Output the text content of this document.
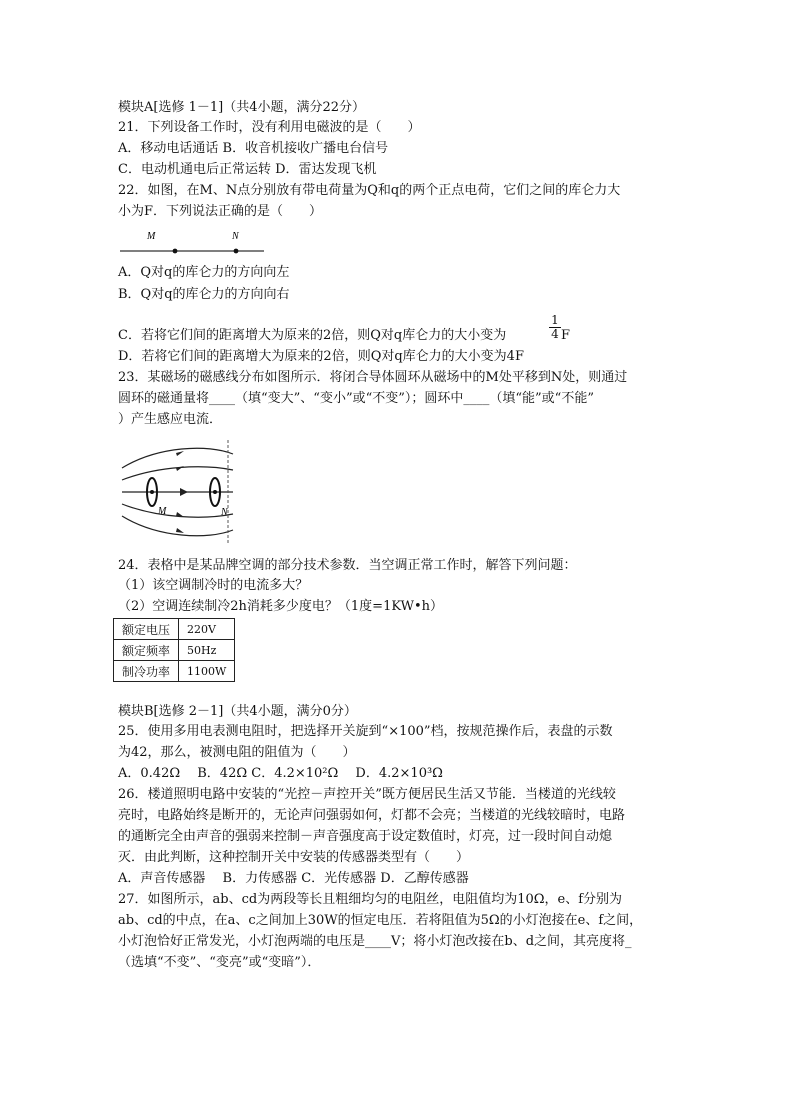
模块A[选修 1－1]（共4小题，满分22分）
21．下列设备工作时，没有利用电磁波的是（　　）
A．移动电话通话 B．收音机接收广播电台信号
C．电动机通电后正常运转 D．雷达发现飞机
22．如图，在M、N点分别放有带电荷量为Q和q的两个正点电荷，它们之间的库仑力大
小为F．下列说法正确的是（　　）
M	N
A．Q对q的库仑力的方向向左
B．Q对q的库仑力的方向向右
C．若将它们间的距离增大为原来的2倍，则Q对q库仑力的大小变为	$\frac{1}{4}$ F
D．若将它们间的距离增大为原来的2倍，则Q对q库仑力的大小变为4F
23．某磁场的磁感线分布如图所示．将闭合导体圆环从磁场中的M处平移到N处，则通过
圆环的磁通量将____（填“变大”、“变小”或“不变”）；圆环中____（填“能”或“不能”
）产生感应电流．
M	N
24．表格中是某品牌空调的部分技术参数．当空调正常工作时，解答下列问题：
（1）该空调制冷时的电流多大？
（2）空调连续制冷2h消耗多少度电？（1度=1KW•h）
额定电压	220V
额定频率	50Hz
制冷功率	1100W
模块B[选修 2－1]（共4小题，满分0分）
25．使用多用电表测电阻时，把选择开关旋到“×100”档，按规范操作后，表盘的示数
为42，那么，被测电阻的阻值为（　　）
A．0.42Ω　 B．42Ω C．4.2×10²Ω　 D．4.2×10³Ω
26．楼道照明电路中安装的“光控－声控开关”既方便居民生活又节能．当楼道的光线较
亮时，电路始终是断开的，无论声问强弱如何，灯都不会亮；当楼道的光线较暗时，电路
的通断完全由声音的强弱来控制－声音强度高于设定数值时，灯亮，过一段时间自动熄
灭．由此判断，这种控制开关中安装的传感器类型有（　　）
A．声音传感器　 B．力传感器 C．光传感器 D．乙醇传感器
27．如图所示，ab、cd为两段等长且粗细均匀的电阻丝，电阻值均为10Ω，e、f分别为
ab、cd的中点，在a、c之间加上30W的恒定电压．若将阻值为5Ω的小灯泡接在e、f之间，
小灯泡恰好正常发光，小灯泡两端的电压是____V；将小灯泡改接在b、d之间，其亮度将_
（选填“不变”、“变亮”或“变暗”）．
